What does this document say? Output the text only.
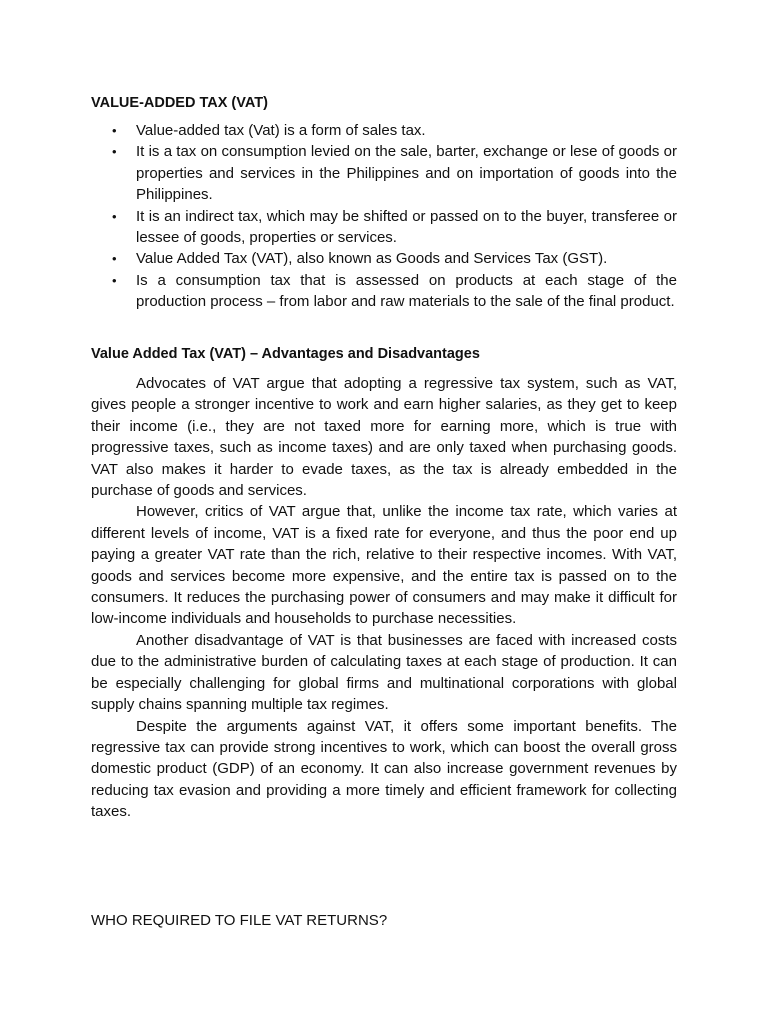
VALUE-ADDED TAX (VAT)
• Value-added tax (Vat) is a form of sales tax.
• It is a tax on consumption levied on the sale, barter, exchange or lese of goods or properties and services in the Philippines and on importation of goods into the Philippines.
• It is an indirect tax, which may be shifted or passed on to the buyer, transferee or lessee of goods, properties or services.
• Value Added Tax (VAT), also known as Goods and Services Tax (GST).
• Is a consumption tax that is assessed on products at each stage of the production process – from labor and raw materials to the sale of the final product.
Value Added Tax (VAT) – Advantages and Disadvantages

Advocates of VAT argue that adopting a regressive tax system, such as VAT, gives people a stronger incentive to work and earn higher salaries, as they get to keep their income (i.e., they are not taxed more for earning more, which is true with progressive taxes, such as income taxes) and are only taxed when purchasing goods. VAT also makes it harder to evade taxes, as the tax is already embedded in the purchase of goods and services.

However, critics of VAT argue that, unlike the income tax rate, which varies at different levels of income, VAT is a fixed rate for everyone, and thus the poor end up paying a greater VAT rate than the rich, relative to their respective incomes. With VAT, goods and services become more expensive, and the entire tax is passed on to the consumers. It reduces the purchasing power of consumers and may make it difficult for low-income individuals and households to purchase necessities.

Another disadvantage of VAT is that businesses are faced with increased costs due to the administrative burden of calculating taxes at each stage of production. It can be especially challenging for global firms and multinational corporations with global supply chains spanning multiple tax regimes.

Despite the arguments against VAT, it offers some important benefits. The regressive tax can provide strong incentives to work, which can boost the overall gross domestic product (GDP) of an economy. It can also increase government revenues by reducing tax evasion and providing a more timely and efficient framework for collecting taxes.

WHO REQUIRED TO FILE VAT RETURNS?
